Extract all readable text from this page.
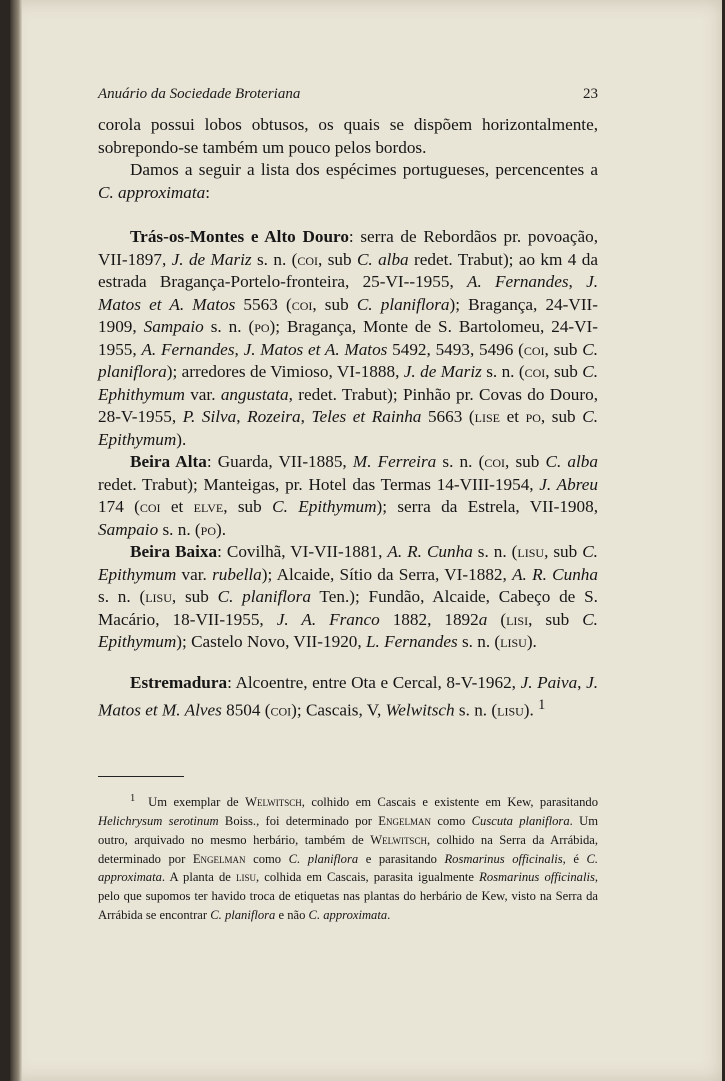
Anuário da Sociedade Broteriana	23

corola possui lobos obtusos, os quais se dispõem horizontalmente, sobrepondo-se também um pouco pelos bordos.

Damos a seguir a lista dos espécimes portugueses, percencentes a C. approximata:

Trás-os-Montes e Alto Douro: serra de Rebordãos pr. povoação, VII-1897, J. de Mariz s. n. (coi, sub C. alba redet. Trabut); ao km 4 da estrada Bragança-Portelo-fronteira, 25-VI--1955, A. Fernandes, J. Matos et A. Matos 5563 (coi, sub C. planiflora); Bragança, 24-VII-1909, Sampaio s. n. (po); Bragança, Monte de S. Bartolomeu, 24-VI-1955, A. Fernandes, J. Matos et A. Matos 5492, 5493, 5496 (coi, sub C. planiflora); arredores de Vimioso, VI-1888, J. de Mariz s. n. (coi, sub C. Ephithymum var. angustata, redet. Trabut); Pinhão pr. Covas do Douro, 28-V-1955, P. Silva, Rozeira, Teles et Rainha 5663 (lise et po, sub C. Epithymum).

Beira Alta: Guarda, VII-1885, M. Ferreira s. n. (coi, sub C. alba redet. Trabut); Manteigas, pr. Hotel das Termas 14-VIII-1954, J. Abreu 174 (coi et elve, sub C. Epithymum); serra da Estrela, VII-1908, Sampaio s. n. (po).

Beira Baixa: Covilhã, VI-VII-1881, A. R. Cunha s. n. (lisu, sub C. Epithymum var. rubella); Alcaide, Sítio da Serra, VI-1882, A. R. Cunha s. n. (lisu, sub C. planiflora Ten.); Fundão, Alcaide, Cabeço de S. Macário, 18-VII-1955, J. A. Franco 1882, 1892a (lisi, sub C. Epithymum); Castelo Novo, VII-1920, L. Fernandes s. n. (lisu).

Estremadura: Alcoentre, entre Ota e Cercal, 8-V-1962, J. Paiva, J. Matos et M. Alves 8504 (coi); Cascais, V, Welwitsch s. n. (lisu). $^1$

$^1$  Um exemplar de Welwitsch, colhido em Cascais e existente em Kew, parasitando Helichrysum serotinum Boiss., foi determinado por Engelman como Cuscuta planiflora. Um outro, arquivado no mesmo herbário, também de Welwitsch, colhido na Serra da Arrábida, determinado por Engelman como C. planiflora e parasitando Rosmarinus officinalis, é C. approximata. A planta de lisu, colhida em Cascais, parasita igualmente Rosmarinus officinalis, pelo que supomos ter havido troca de etiquetas nas plantas do herbário de Kew, visto na Serra da Arrábida se encontrar C. planiflora e não C. approximata.
